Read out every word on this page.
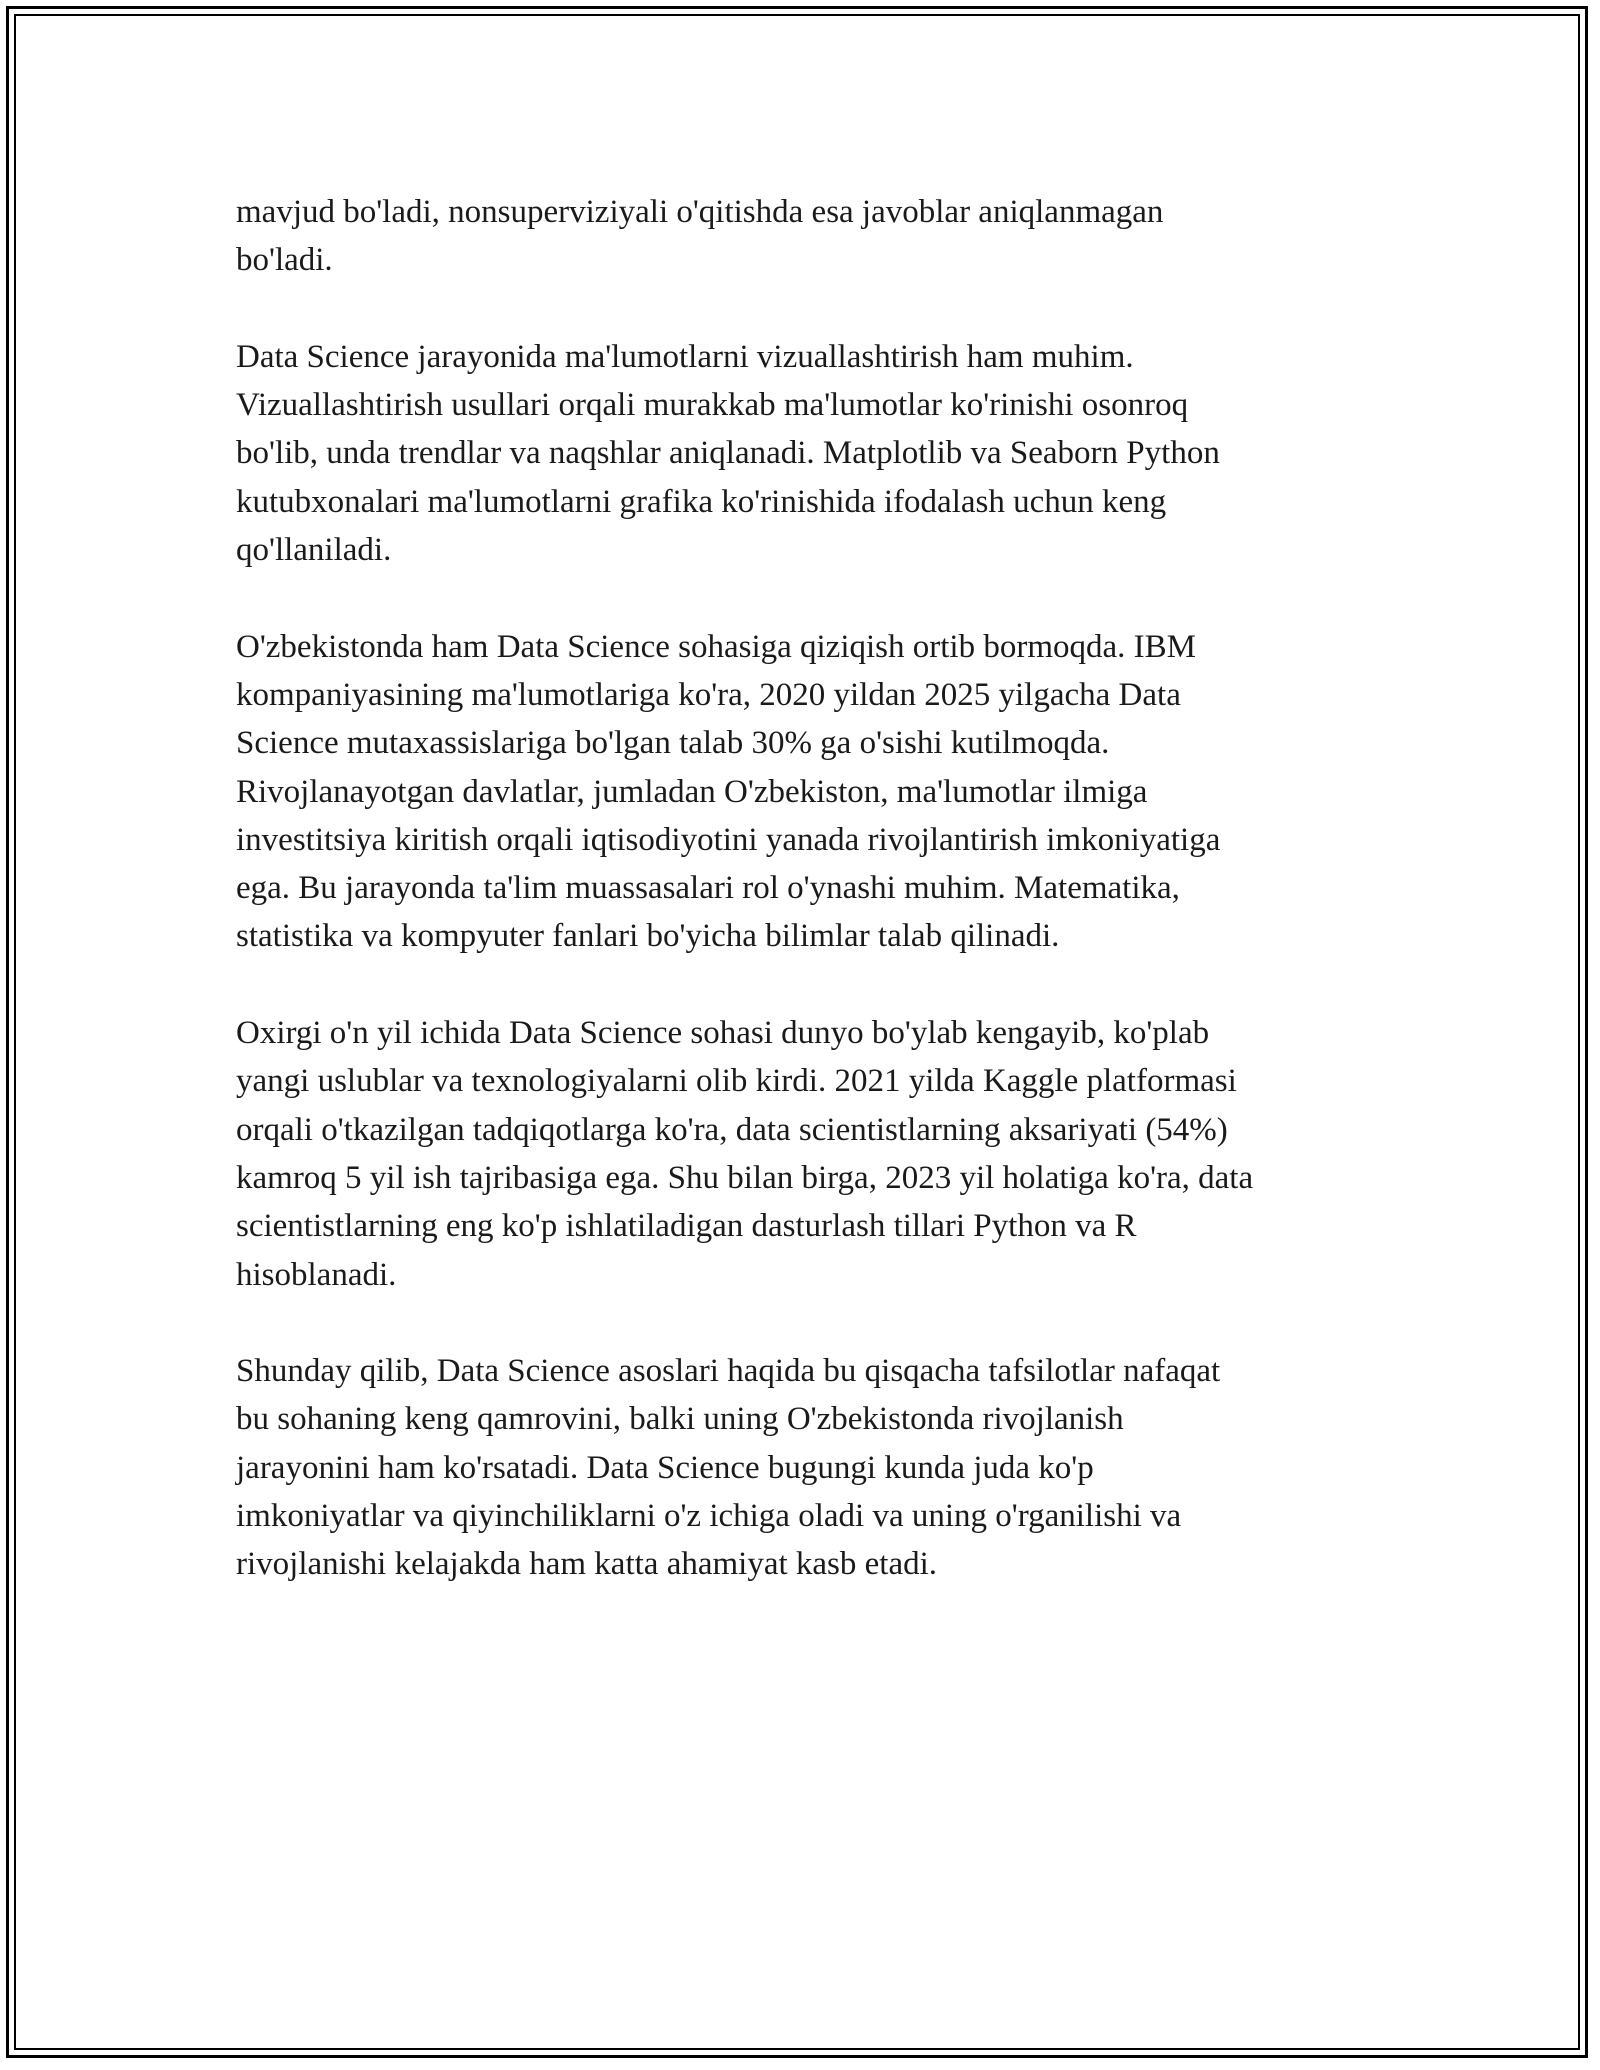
mavjud bo'ladi, nonsuperviziyali o'qitishda esa javoblar aniqlanmagan
bo'ladi.

Data Science jarayonida ma'lumotlarni vizuallashtirish ham muhim.
Vizuallashtirish usullari orqali murakkab ma'lumotlar ko'rinishi osonroq
bo'lib, unda trendlar va naqshlar aniqlanadi. Matplotlib va Seaborn Python
kutubxonalari ma'lumotlarni grafika ko'rinishida ifodalash uchun keng
qo'llaniladi.

O'zbekistonda ham Data Science sohasiga qiziqish ortib bormoqda. IBM
kompaniyasining ma'lumotlariga ko'ra, 2020 yildan 2025 yilgacha Data
Science mutaxassislariga bo'lgan talab 30% ga o'sishi kutilmoqda.
Rivojlanayotgan davlatlar, jumladan O'zbekiston, ma'lumotlar ilmiga
investitsiya kiritish orqali iqtisodiyotini yanada rivojlantirish imkoniyatiga
ega. Bu jarayonda ta'lim muassasalari rol o'ynashi muhim. Matematika,
statistika va kompyuter fanlari bo'yicha bilimlar talab qilinadi.

Oxirgi o'n yil ichida Data Science sohasi dunyo bo'ylab kengayib, ko'plab
yangi uslublar va texnologiyalarni olib kirdi. 2021 yilda Kaggle platformasi
orqali o'tkazilgan tadqiqotlarga ko'ra, data scientistlarning aksariyati (54%)
kamroq 5 yil ish tajribasiga ega. Shu bilan birga, 2023 yil holatiga ko'ra, data
scientistlarning eng ko'p ishlatiladigan dasturlash tillari Python va R
hisoblanadi.

Shunday qilib, Data Science asoslari haqida bu qisqacha tafsilotlar nafaqat
bu sohaning keng qamrovini, balki uning O'zbekistonda rivojlanish
jarayonini ham ko'rsatadi. Data Science bugungi kunda juda ko'p
imkoniyatlar va qiyinchiliklarni o'z ichiga oladi va uning o'rganilishi va
rivojlanishi kelajakda ham katta ahamiyat kasb etadi.
